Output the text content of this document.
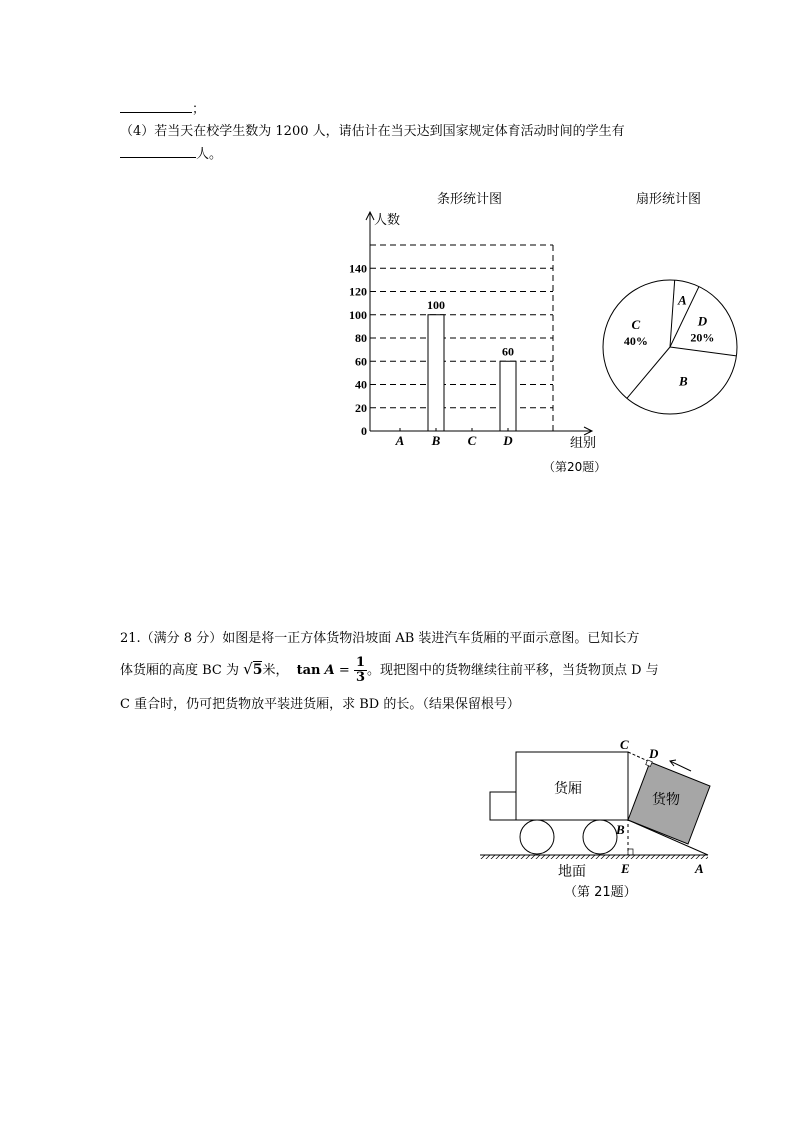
；
（4）若当天在校学生数为 1200 人，请估计在当天达到国家规定体育活动时间的学生有
人。
条形统计图	扇形统计图
0
20
40
60
80
100
120
140
100
60
A B C D
人数
组别
（第20题）
A
D
20%
B
C
40%
21.（满分 8 分）如图是将一正方体货物沿坡面 AB 装进汽车货厢的平面示意图。已知长方
体货厢的高度 BC 为 √5米， $\tan A = \frac{1}{3}$ 。现把图中的货物继续往前平移，当货物顶点 D 与
C 重合时，仍可把货物放平装进货厢，求 BD 的长。（结果保留根号）
货厢
货物
C
D
B
E	A
地面
（第 21题）
